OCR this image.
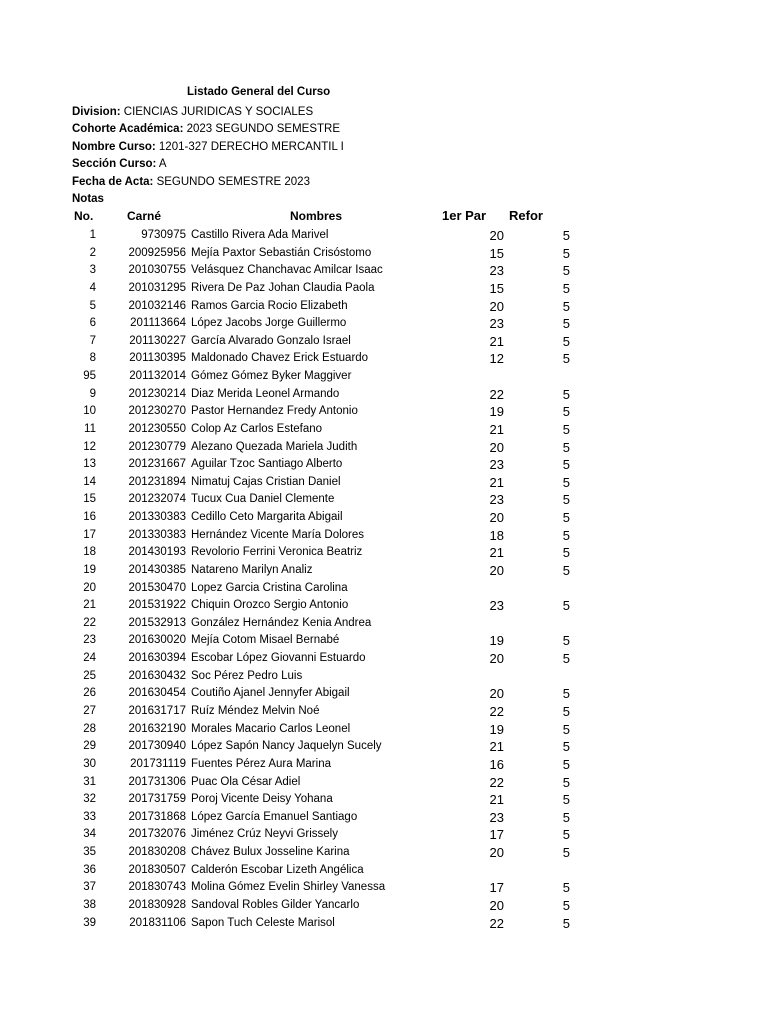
Listado General del Curso
Division: CIENCIAS JURIDICAS Y SOCIALES
Cohorte Académica: 2023 SEGUNDO SEMESTRE
Nombre Curso: 1201-327 DERECHO MERCANTIL I
Sección Curso: A
Fecha de Acta: SEGUNDO SEMESTRE 2023
Notas
No.	Carné	Nombres	1er Par Refor
1	9730975 Castillo Rivera Ada Marivel	20	5
2	200925956 Mejía Paxtor Sebastián Crisóstomo	15	5
3	201030755 Velásquez Chanchavac Amilcar Isaac	23	5
4	201031295 Rivera De Paz Johan Claudia Paola	15	5
5	201032146 Ramos Garcia Rocio Elizabeth	20	5
6	201113664 López Jacobs Jorge Guillermo	23	5
7	201130227 García Alvarado Gonzalo Israel	21	5
8	201130395 Maldonado Chavez Erick Estuardo	12	5
95	201132014 Gómez Gómez Byker Maggiver
9	201230214 Diaz Merida Leonel Armando	22	5
10	201230270 Pastor Hernandez Fredy Antonio	19	5
11	201230550 Colop Az Carlos Estefano	21	5
12	201230779 Alezano Quezada Mariela Judith	20	5
13	201231667 Aguilar Tzoc Santiago Alberto	23	5
14	201231894 Nimatuj Cajas Cristian Daniel	21	5
15	201232074 Tucux Cua Daniel Clemente	23	5
16	201330383 Cedillo Ceto Margarita Abigail	20	5
17	201330383 Hernández Vicente María Dolores	18	5
18	201430193 Revolorio Ferrini Veronica Beatriz	21	5
19	201430385 Natareno Marilyn Analiz	20	5
20	201530470 Lopez Garcia Cristina Carolina
21	201531922 Chiquin Orozco Sergio Antonio	23	5
22	201532913 González Hernández Kenia Andrea
23	201630020 Mejía Cotom Misael Bernabé	19	5
24	201630394 Escobar López Giovanni Estuardo	20	5
25	201630432 Soc Pérez Pedro Luis
26	201630454 Coutiño Ajanel Jennyfer Abigail	20	5
27	201631717 Ruíz Méndez Melvin Noé	22	5
28	201632190 Morales Macario Carlos Leonel	19	5
29	201730940 López Sapón Nancy Jaquelyn Sucely	21	5
30	201731119 Fuentes Pérez Aura Marina	16	5
31	201731306 Puac Ola César Adiel	22	5
32	201731759 Poroj Vicente Deisy Yohana	21	5
33	201731868 López García Emanuel Santiago	23	5
34	201732076 Jiménez Crúz Neyvi Grissely	17	5
35	201830208 Chávez Bulux Josseline Karina	20	5
36	201830507 Calderón Escobar Lizeth Angélica
37	201830743 Molina Gómez Evelin Shirley Vanessa	17	5
38	201830928 Sandoval Robles Gilder Yancarlo	20	5
39	201831106 Sapon Tuch Celeste Marisol	22	5
